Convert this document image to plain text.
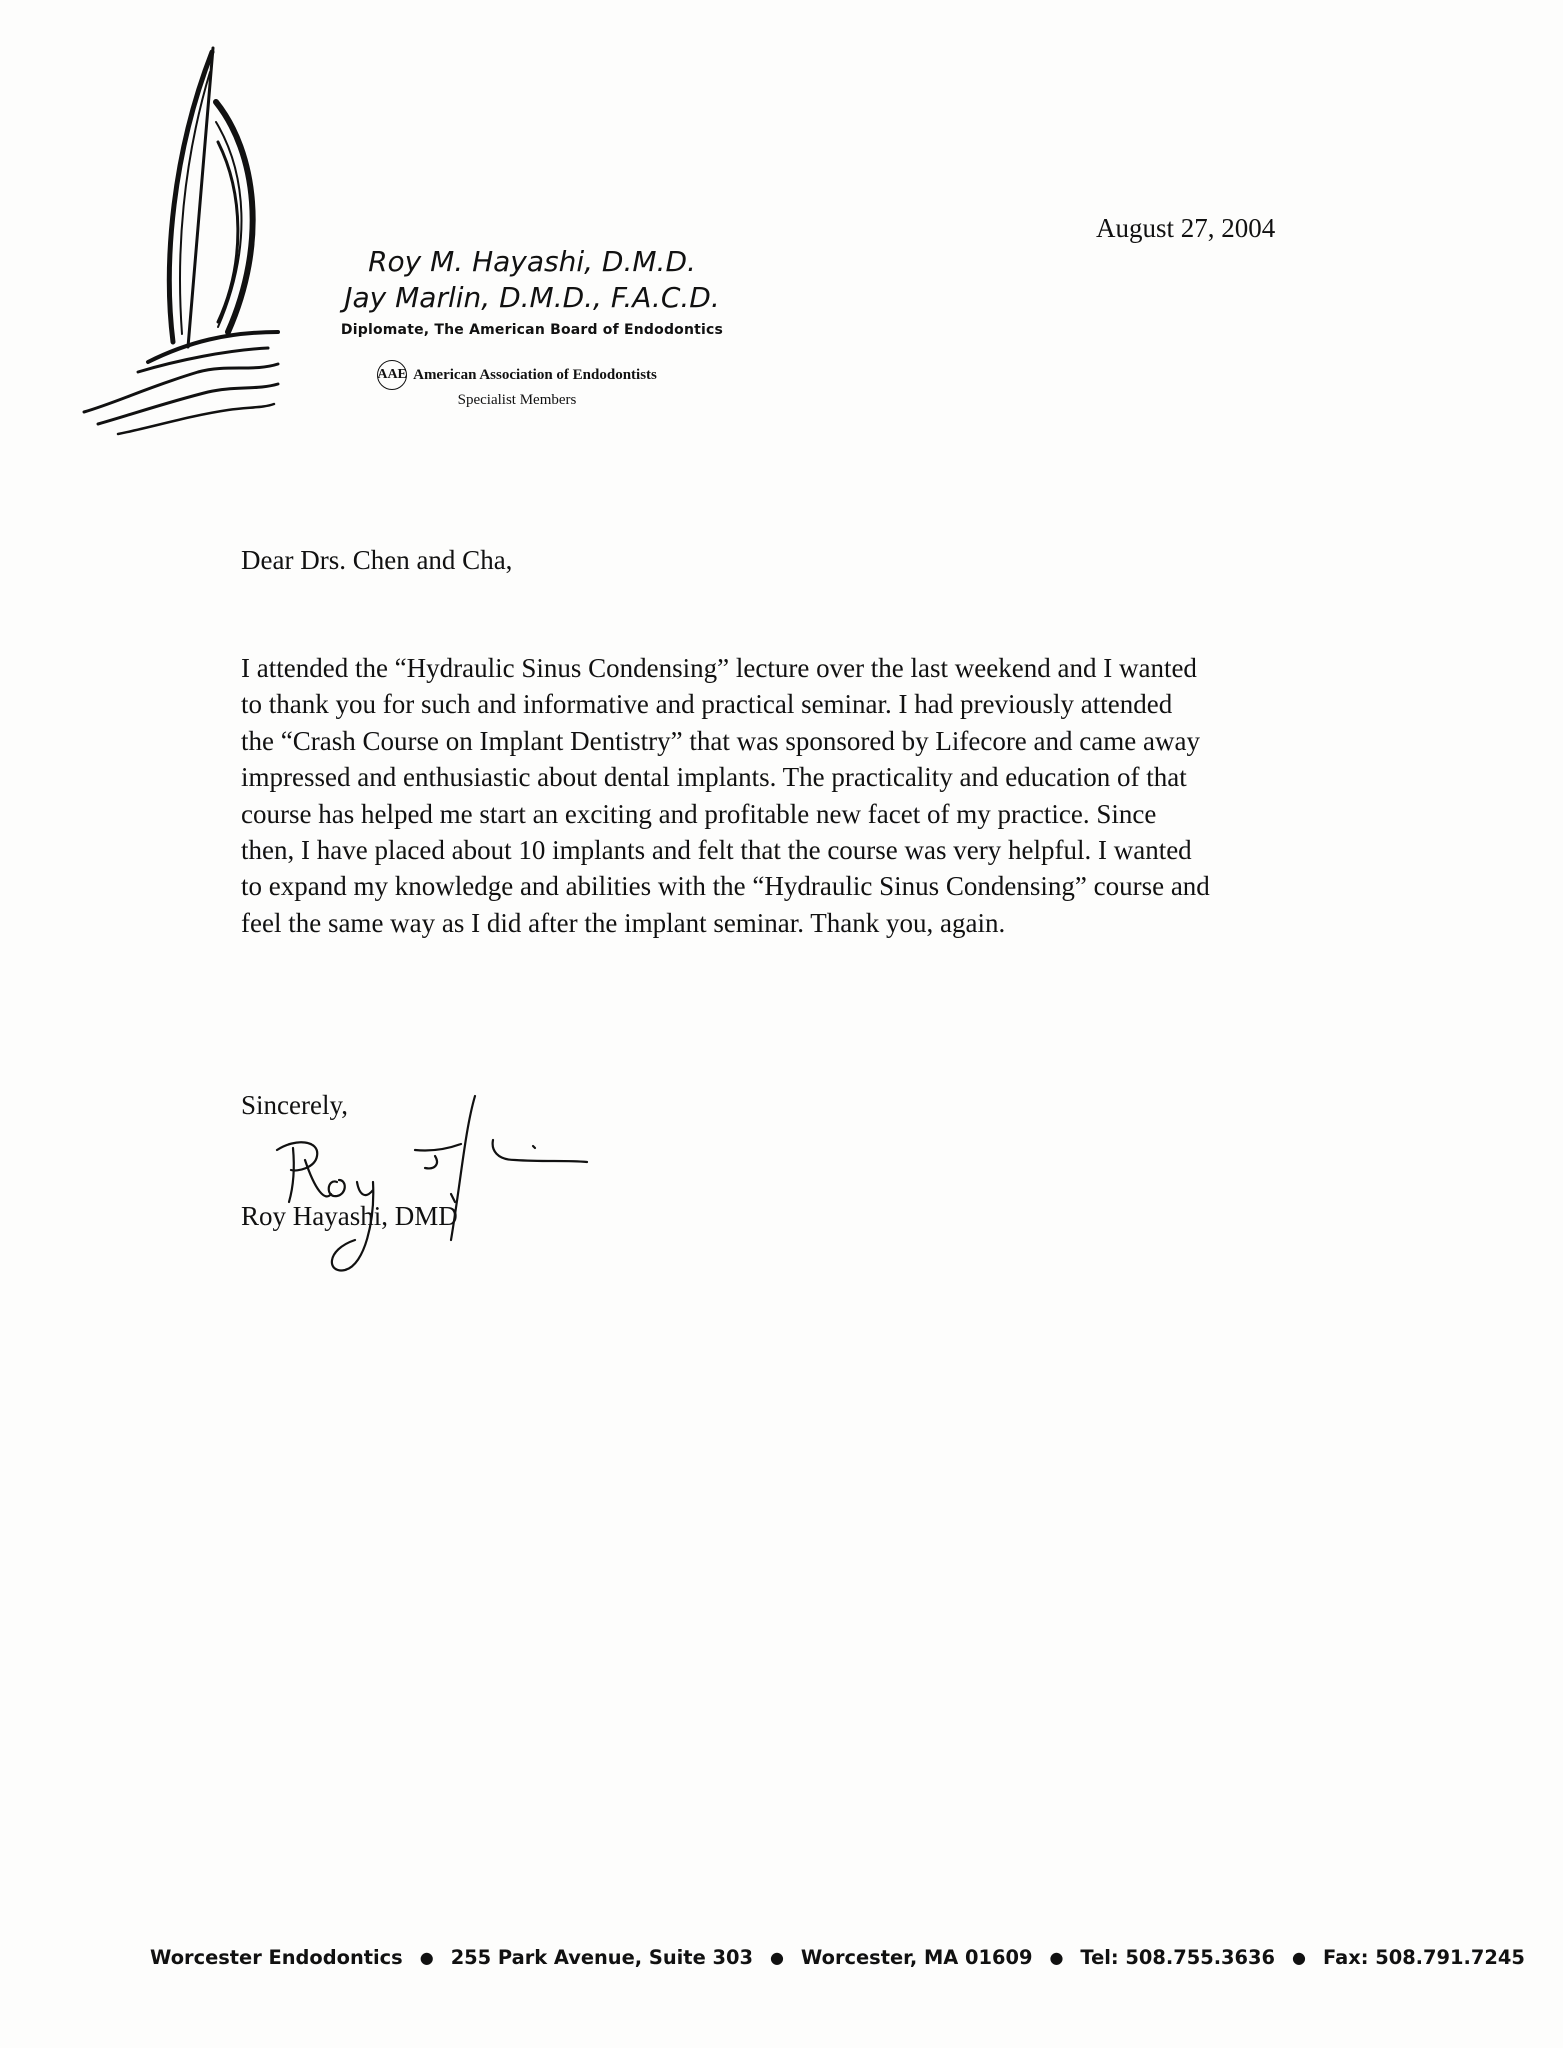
Roy M. Hayashi, D.M.D.
Jay Marlin, D.M.D., F.A.C.D.
Diplomate, The American Board of Endodontics
AAE American Association of Endodontists
Specialist Members
August 27, 2004
Dear Drs. Chen and Cha,
I attended the “Hydraulic Sinus Condensing” lecture over the last weekend and I wanted
to thank you for such and informative and practical seminar. I had previously attended
the “Crash Course on Implant Dentistry” that was sponsored by Lifecore and came away
impressed and enthusiastic about dental implants. The practicality and education of that
course has helped me start an exciting and profitable new facet of my practice. Since
then, I have placed about 10 implants and felt that the course was very helpful. I wanted
to expand my knowledge and abilities with the “Hydraulic Sinus Condensing” course and
feel the same way as I did after the implant seminar. Thank you, again.
Sincerely,
Roy Hayashi, DMD
Worcester Endodontics ● 255 Park Avenue, Suite 303 ● Worcester, MA 01609 ● Tel: 508.755.3636 ● Fax: 508.791.7245
